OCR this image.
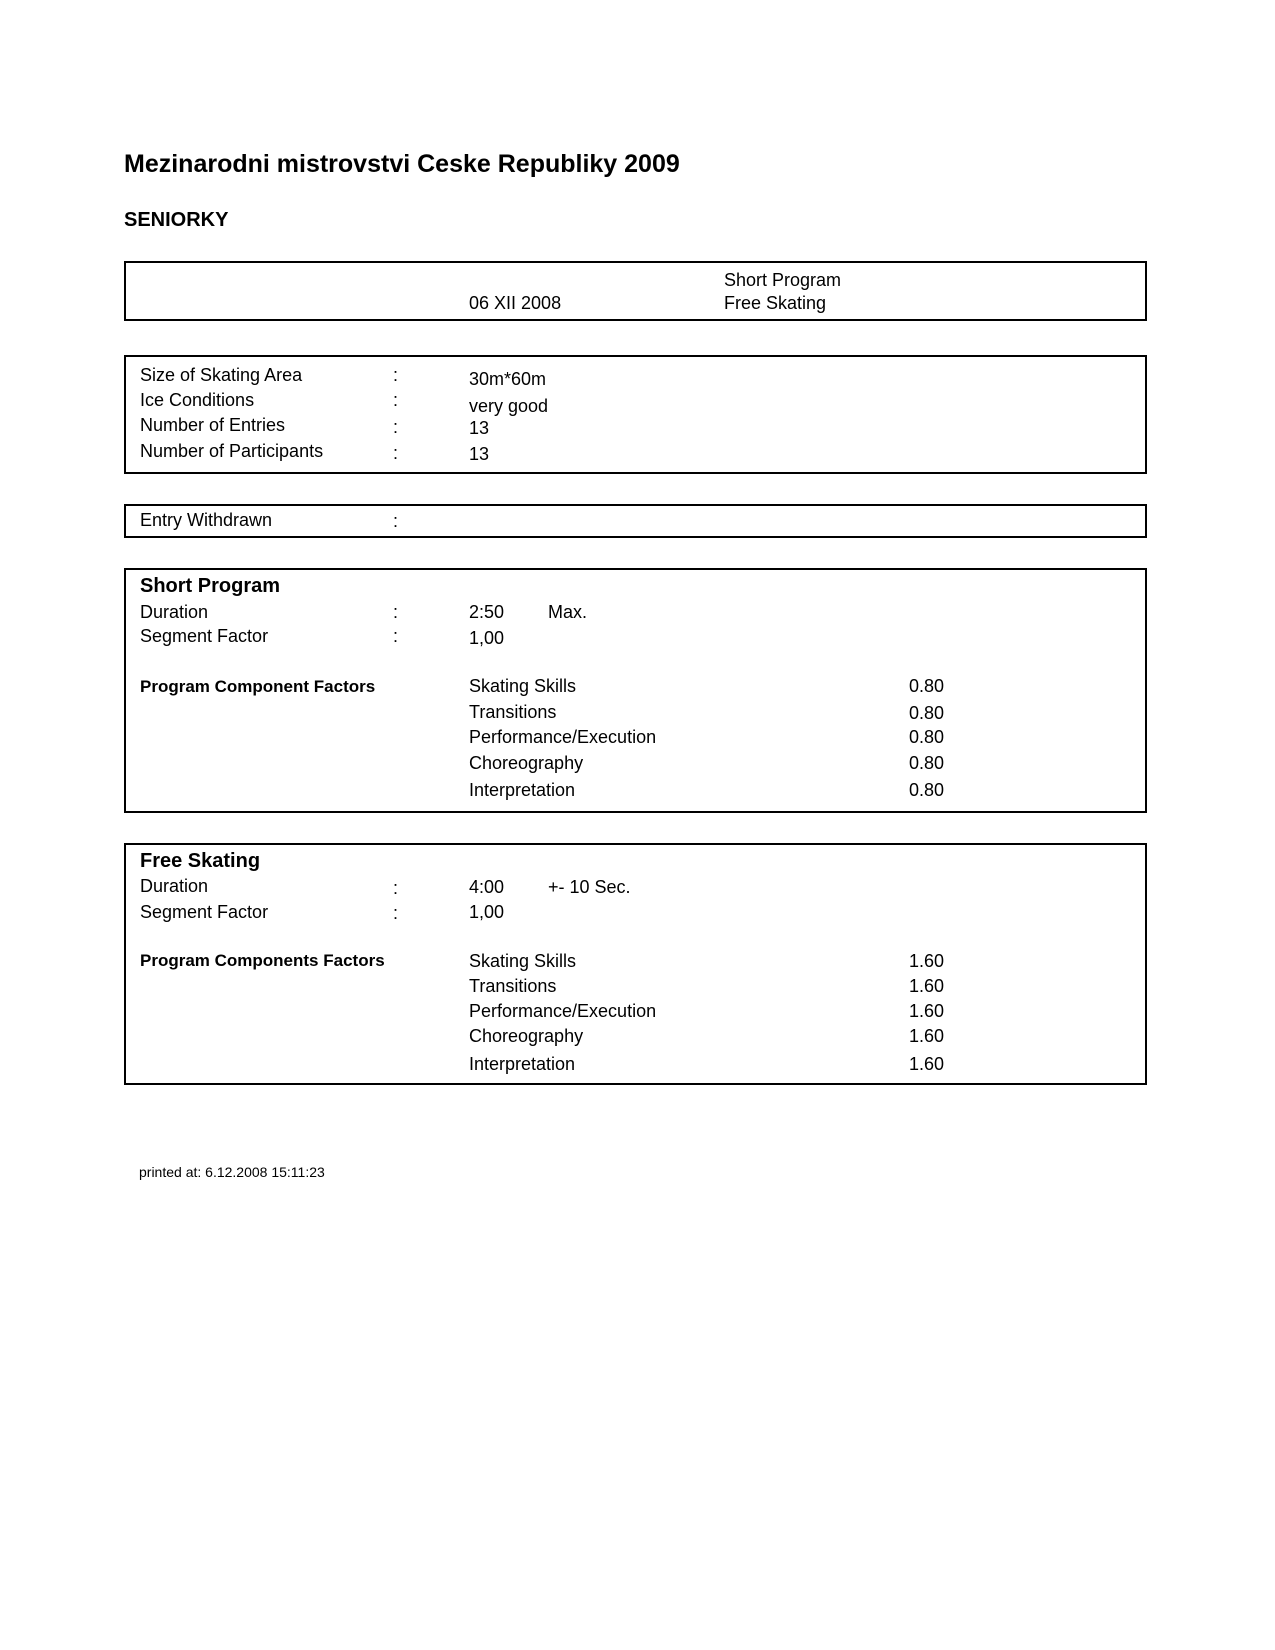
Mezinarodni mistrovstvi Ceske Republiky 2009
SENIORKY
Short Program
06 XII 2008	Free Skating
Size of Skating Area	:	30m*60m
Ice Conditions	:	very good
Number of Entries	:	13
Number of Participants	:	13
Entry Withdrawn	:
Short Program
Duration	:	2:50 Max.
Segment Factor	:	1,00
Program Component Factors	Skating Skills	0.80
Transitions	0.80
Performance/Execution	0.80
Choreography	0.80
Interpretation	0.80
Free Skating
Duration	:	4:00 +- 10 Sec.
Segment Factor	:	1,00
Program Components Factors	Skating Skills	1.60
Transitions	1.60
Performance/Execution	1.60
Choreography	1.60
Interpretation	1.60
printed at: 6.12.2008 15:11:23
